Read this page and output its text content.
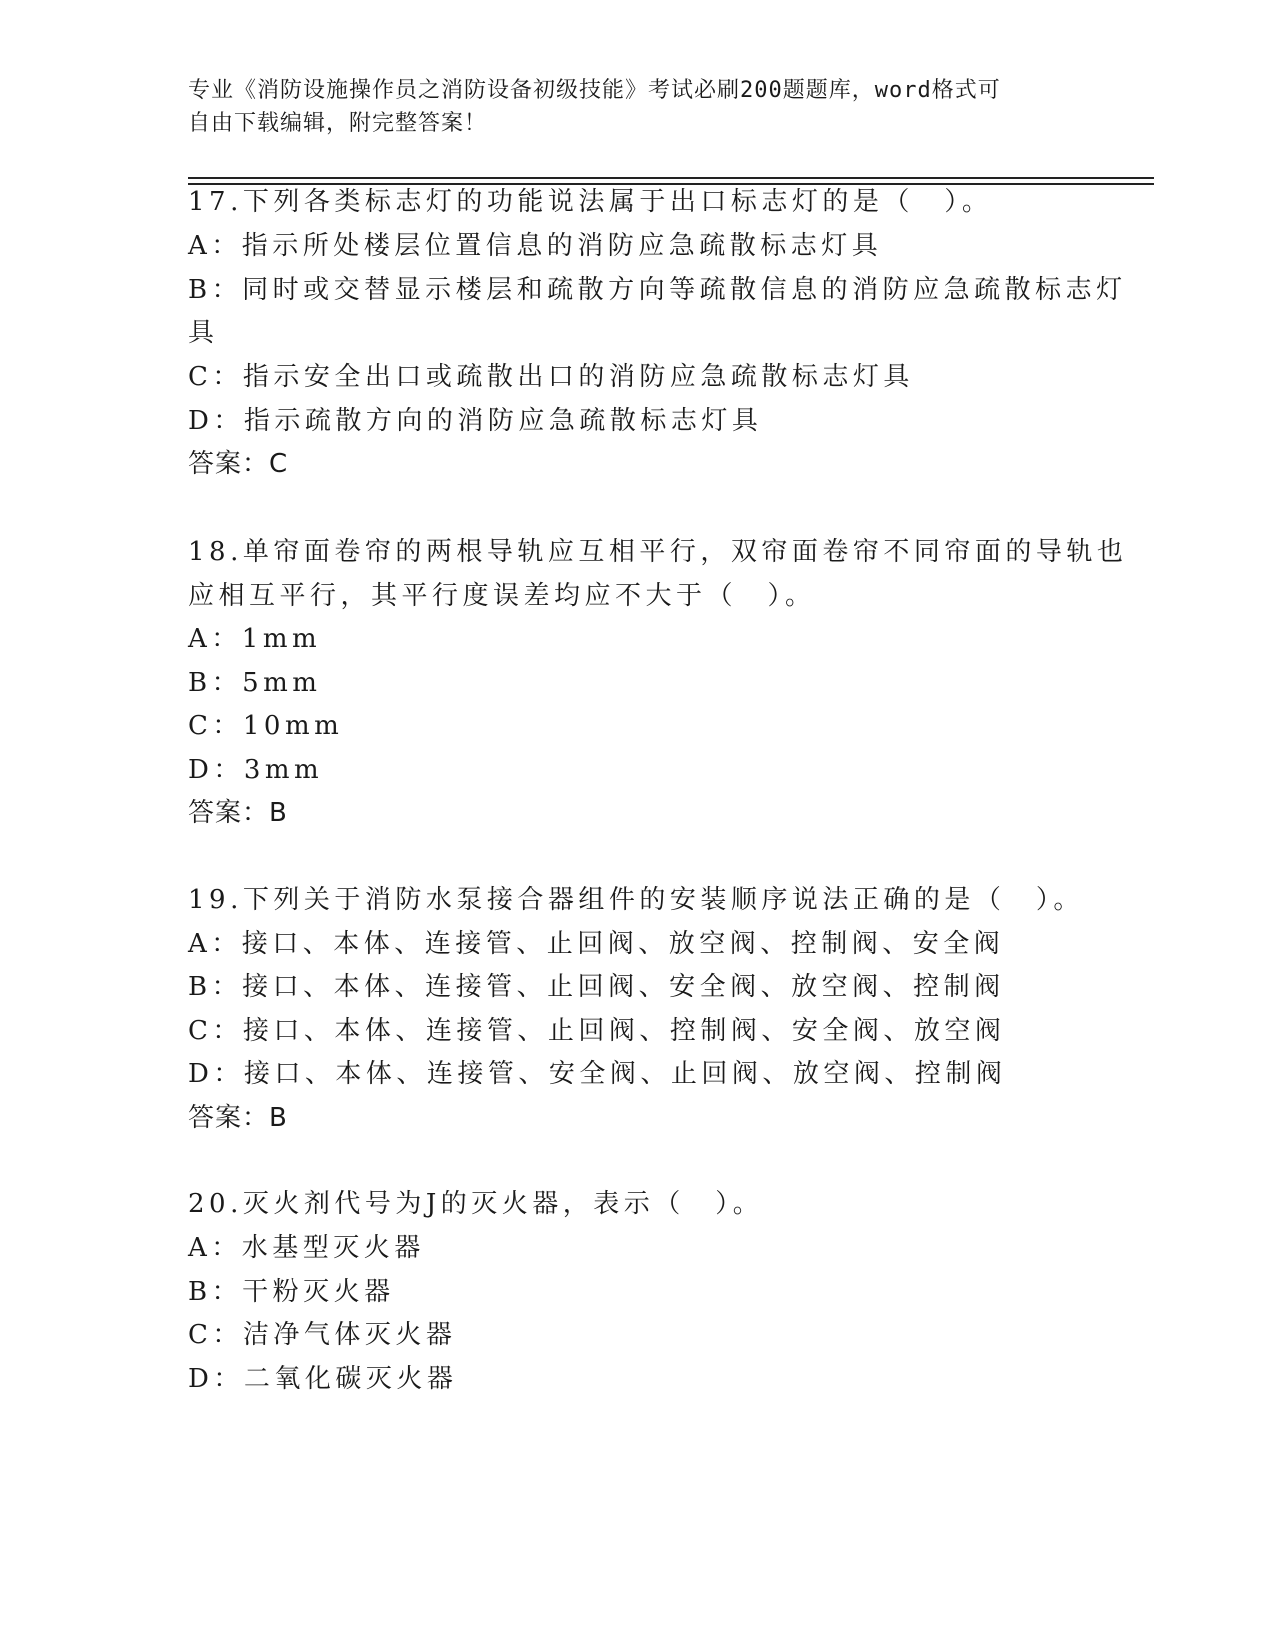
专业《消防设施操作员之消防设备初级技能》考试必刷200题题库，word格式可
自由下载编辑，附完整答案！
17.下列各类标志灯的功能说法属于出口标志灯的是（　）。
A：指示所处楼层位置信息的消防应急疏散标志灯具
B：同时或交替显示楼层和疏散方向等疏散信息的消防应急疏散标志灯
具
C：指示安全出口或疏散出口的消防应急疏散标志灯具
D：指示疏散方向的消防应急疏散标志灯具
答案：C
18.单帘面卷帘的两根导轨应互相平行，双帘面卷帘不同帘面的导轨也
应相互平行，其平行度误差均应不大于（　）。
A：1mm
B：5mm
C：10mm
D：3mm
答案：B
19.下列关于消防水泵接合器组件的安装顺序说法正确的是（　）。
A：接口、本体、连接管、止回阀、放空阀、控制阀、安全阀
B：接口、本体、连接管、止回阀、安全阀、放空阀、控制阀
C：接口、本体、连接管、止回阀、控制阀、安全阀、放空阀
D：接口、本体、连接管、安全阀、止回阀、放空阀、控制阀
答案：B
20.灭火剂代号为J的灭火器，表示（　）。
A：水基型灭火器
B：干粉灭火器
C：洁净气体灭火器
D：二氧化碳灭火器
